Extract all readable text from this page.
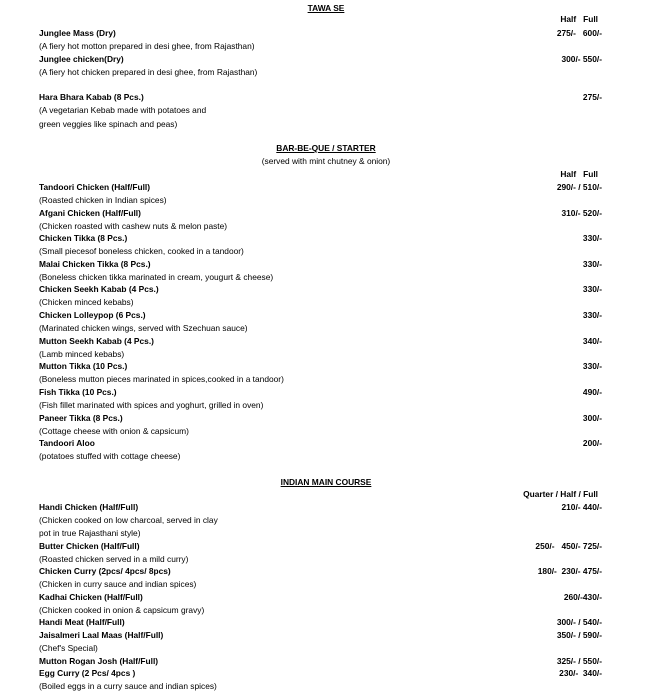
TAWA SE
Half   Full
Junglee Mass (Dry)	275/-   600/-
(A fiery hot motton prepared in desi ghee, from Rajasthan)
Junglee chicken(Dry)	300/- 550/-
(A fiery hot chicken prepared in desi ghee, from Rajasthan)
Hara Bhara Kabab (8 Pcs.)	275/-
(A vegetarian Kebab made with potatoes and
green veggies like spinach and peas)
BAR-BE-QUE / STARTER
(served with mint chutney & onion)
Half   Full
Tandoori Chicken (Half/Full)	290/- / 510/-
(Roasted chicken in Indian spices)
Afgani Chicken (Half/Full)	310/- 520/-
(Chicken roasted with cashew nuts & melon paste)
Chicken Tikka (8 Pcs.)	330/-
(Small piecesof boneless chicken, cooked in a tandoor)
Malai Chicken Tikka (8 Pcs.)	330/-
(Boneless chicken tikka marinated in cream, yougurt & cheese)
Chicken Seekh Kabab (4 Pcs.)	330/-
(Chicken minced kebabs)
Chicken Lolleypop (6 Pcs.)	330/-
(Marinated chicken wings, served with Szechuan sauce)
Mutton Seekh Kabab (4 Pcs.)	340/-
(Lamb minced kebabs)
Mutton Tikka (10 Pcs.)	330/-
(Boneless mutton pieces marinated in spices,cooked in a tandoor)
Fish Tikka (10 Pcs.)	490/-
(Fish fillet marinated with spices and yoghurt, grilled in oven)
Paneer Tikka (8 Pcs.)	300/-
(Cottage cheese with onion & capsicum)
Tandoori Aloo	200/-
(potatoes stuffed with cottage cheese)
INDIAN MAIN COURSE
Quarter / Half / Full
Handi Chicken (Half/Full)	210/- 440/-
(Chicken cooked on low charcoal, served in clay
pot in true Rajasthani style)
Butter Chicken (Half/Full)	250/-   450/- 725/-
(Roasted chicken served in a mild curry)
Chicken Curry (2pcs/ 4pcs/ 8pcs)	180/-  230/- 475/-
(Chicken in curry sauce and indian spices)
Kadhai Chicken (Half/Full)	260/-430/-
(Chicken cooked in onion & capsicum gravy)
Handi Meat (Half/Full)	300/- / 540/-
Jaisalmeri Laal Maas (Half/Full)	350/- / 590/-
(Chef's Special)
Mutton Rogan Josh (Half/Full)	325/- / 550/-
Egg Curry (2 Pcs/ 4pcs )	230/-  340/-
(Boiled eggs in a curry sauce and indian spices)
